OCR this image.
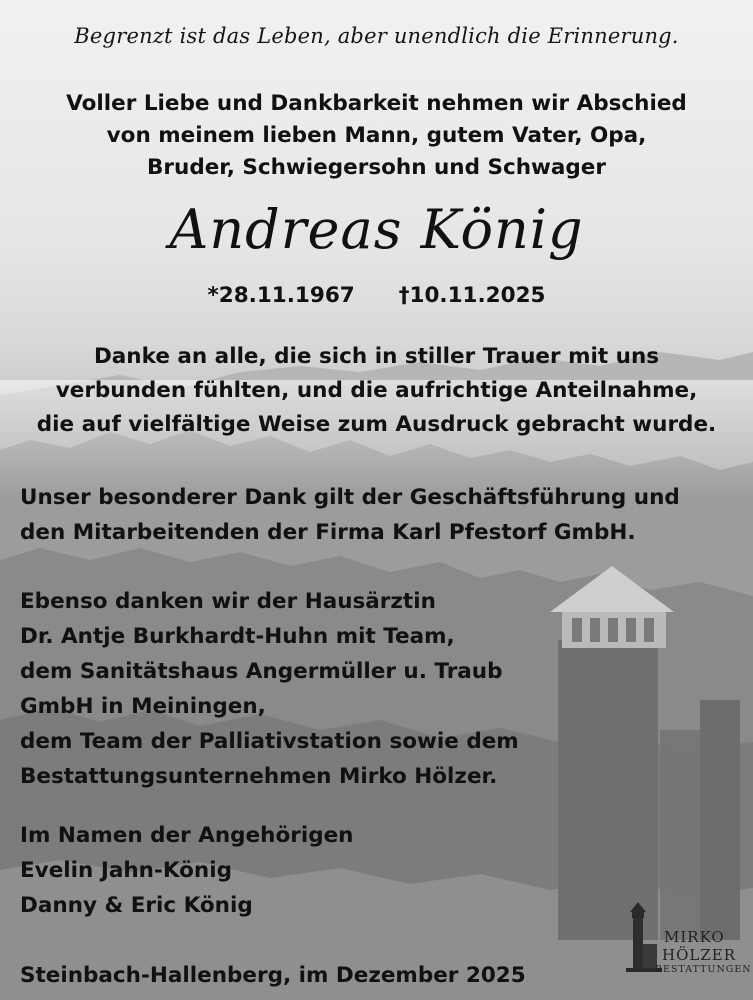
Begrenzt ist das Leben, aber unendlich die Erinnerung.
Voller Liebe und Dankbarkeit nehmen wir Abschied
von meinem lieben Mann, gutem Vater, Opa,
Bruder, Schwiegersohn und Schwager
Andreas König
*28.11.1967 †10.11.2025
Danke an alle, die sich in stiller Trauer mit uns
verbunden fühlten, und die aufrichtige Anteilnahme,
die auf vielfältige Weise zum Ausdruck gebracht wurde.
Unser besonderer Dank gilt der Geschäftsführung und
den Mitarbeitenden der Firma Karl Pfestorf GmbH.
Ebenso danken wir der Hausärztin
Dr. Antje Burkhardt-Huhn mit Team,
dem Sanitätshaus Angermüller u. Traub
GmbH in Meiningen,
dem Team der Palliativstation sowie dem
Bestattungsunternehmen Mirko Hölzer.
Im Namen der Angehörigen
Evelin Jahn-König
Danny & Eric König
Steinbach-Hallenberg, im Dezember 2025
MIRKO
HÖLZER
BESTATTUNGEN
